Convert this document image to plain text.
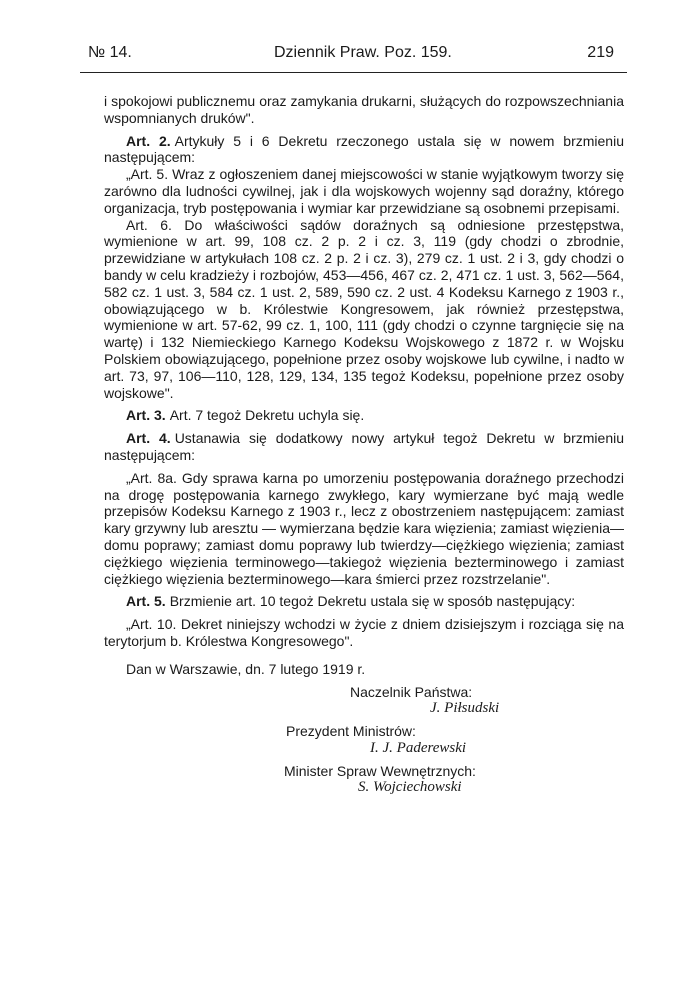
№ 14.	Dziennik Praw. Poz. 159.	219

i spokojowi publicznemu oraz zamykania drukarni, służących do rozpowszechniania wspomnianych druków".

Art. 2. Artykuły 5 i 6 Dekretu rzeczonego ustala się w nowem brzmieniu następującem:

„Art. 5. Wraz z ogłoszeniem danej miejscowości w stanie wyjątkowym tworzy się zarówno dla ludności cywilnej, jak i dla wojskowych wojenny sąd doraźny, którego organizacja, tryb postępowania i wymiar kar przewidziane są osobnemi przepisami.

Art. 6. Do właściwości sądów doraźnych są odniesione przestępstwa, wymienione w art. 99, 108 cz. 2 p. 2 i cz. 3, 119 (gdy chodzi o zbrodnie, przewidziane w artykułach 108 cz. 2 p. 2 i cz. 3), 279 cz. 1 ust. 2 i 3, gdy chodzi o bandy w celu kradzieży i rozbojów, 453—456, 467 cz. 2, 471 cz. 1 ust. 3, 562—564, 582 cz. 1 ust. 3, 584 cz. 1 ust. 2, 589, 590 cz. 2 ust. 4 Kodeksu Karnego z 1903 r., obowiązującego w b. Królestwie Kongresowem, jak również przestępstwa, wymienione w art. 57-62, 99 cz. 1, 100, 111 (gdy chodzi o czynne targnięcie się na wartę) i 132 Niemieckiego Karnego Kodeksu Wojskowego z 1872 r. w Wojsku Polskiem obowiązującego, popełnione przez osoby wojskowe lub cywilne, i nadto w art. 73, 97, 106—110, 128, 129, 134, 135 tegoż Kodeksu, popełnione przez osoby wojskowe".

Art. 3. Art. 7 tegoż Dekretu uchyla się.

Art. 4. Ustanawia się dodatkowy nowy artykuł tegoż Dekretu w brzmieniu następującem:

„Art. 8a. Gdy sprawa karna po umorzeniu postępowania doraźnego przechodzi na drogę postępowania karnego zwykłego, kary wymierzane być mają wedle przepisów Kodeksu Karnego z 1903 r., lecz z obostrzeniem następującem: zamiast kary grzywny lub aresztu — wymierzana będzie kara więzienia; zamiast więzienia—domu poprawy; zamiast domu poprawy lub twierdzy—ciężkiego więzienia; zamiast ciężkiego więzienia terminowego—takiegoż więzienia bezterminowego i zamiast ciężkiego więzienia bezterminowego—kara śmierci przez rozstrzelanie".

Art. 5. Brzmienie art. 10 tegoż Dekretu ustala się w sposób następujący:

„Art. 10. Dekret niniejszy wchodzi w życie z dniem dzisiejszym i rozciąga się na terytorjum b. Królestwa Kongresowego".

Dan w Warszawie, dn. 7 lutego 1919 r.

Naczelnik Państwa:
J. Piłsudski
Prezydent Ministrów:
I. J. Paderewski
Minister Spraw Wewnętrznych:
S. Wojciechowski
